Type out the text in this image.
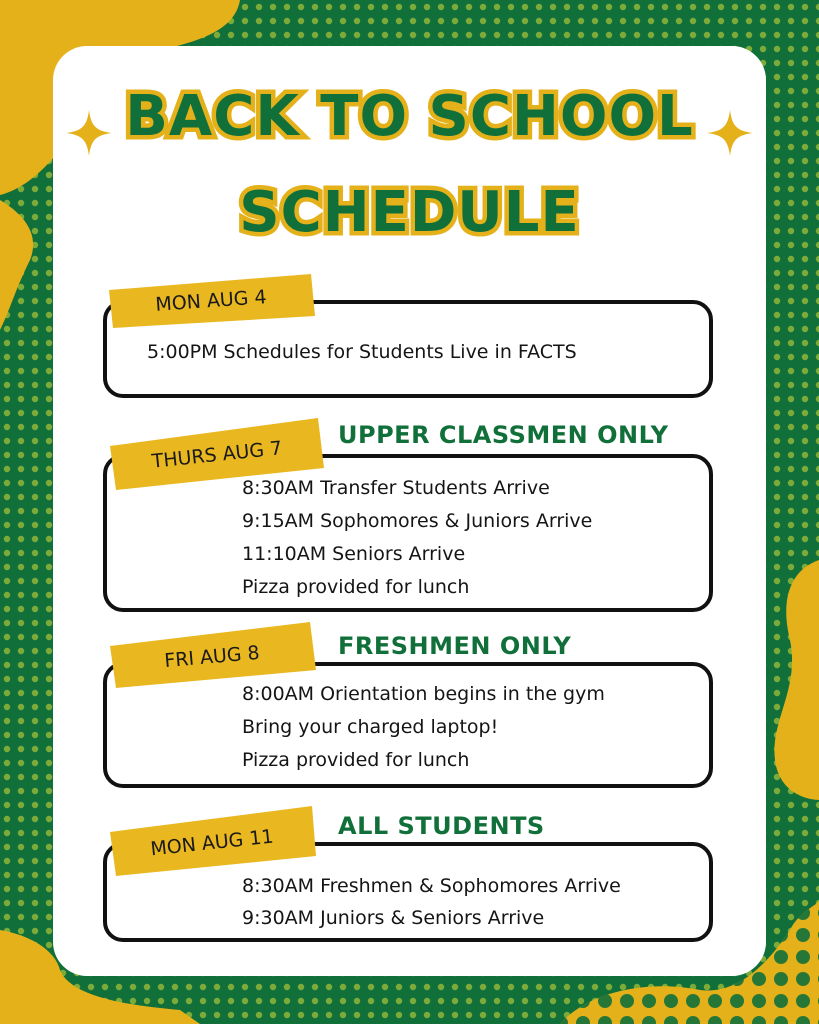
BACK TO SCHOOL
SCHEDULE
5:00PM Schedules for Students Live in FACTS
MON AUG 4
UPPER CLASSMEN ONLY
8:30AM Transfer Students Arrive
9:15AM Sophomores & Juniors Arrive
11:10AM Seniors Arrive
Pizza provided for lunch
THURS AUG 7
FRESHMEN ONLY
8:00AM Orientation begins in the gym
Bring your charged laptop!
Pizza provided for lunch
FRI AUG 8
ALL STUDENTS
8:30AM Freshmen & Sophomores Arrive
9:30AM Juniors & Seniors Arrive
MON AUG 11
